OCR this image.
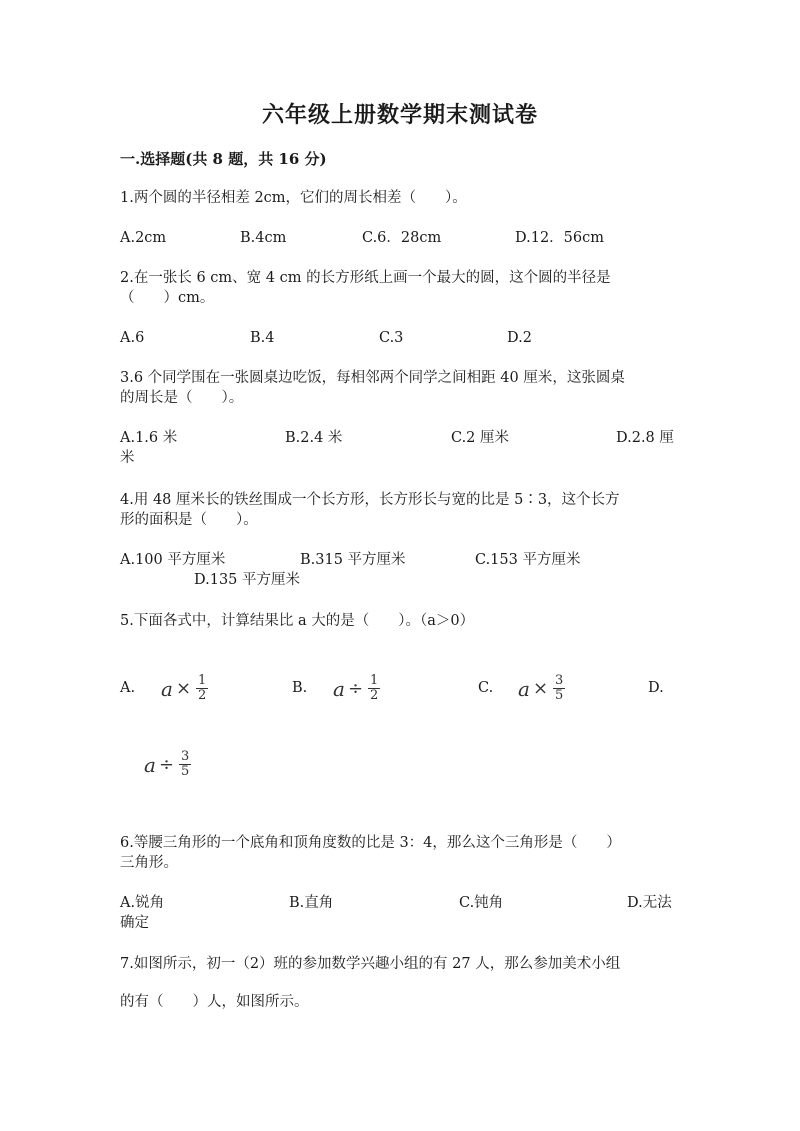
六年级上册数学期末测试卷
一.选择题(共 8 题，共 16 分)
1.两个圆的半径相差 2cm，它们的周长相差（　　）。
A.2cm	B.4cm	C.6．28cm	D.12．56cm
2.在一张长 6 cm、宽 4 cm 的长方形纸上画一个最大的圆，这个圆的半径是
（　　）cm。
A.6	B.4	C.3	D.2
3.6 个同学围在一张圆桌边吃饭，每相邻两个同学之间相距 40 厘米，这张圆桌
的周长是（　　）。
A.1.6 米	B.2.4 米	C.2 厘米	D.2.8 厘
米
4.用 48 厘米长的铁丝围成一个长方形，长方形长与宽的比是 5∶3，这个长方
形的面积是（　　）。
A.100 平方厘米	B.315 平方厘米	C.153 平方厘米
D.135 平方厘米
5.下面各式中，计算结果比 a 大的是（　　）。（a＞0）
A. $a \times \frac{1}{2}$	B. $a \div \frac{1}{2}$	C. $a \times \frac{3}{5}$	D.
$a \div \frac{3}{5}$
6.等腰三角形的一个底角和顶角度数的比是 3：4，那么这个三角形是（　　）
三角形。
A.锐角	B.直角	C.钝角	D.无法
确定
7.如图所示，初一（2）班的参加数学兴趣小组的有 27 人，那么参加美术小组
的有（　　）人，如图所示。
